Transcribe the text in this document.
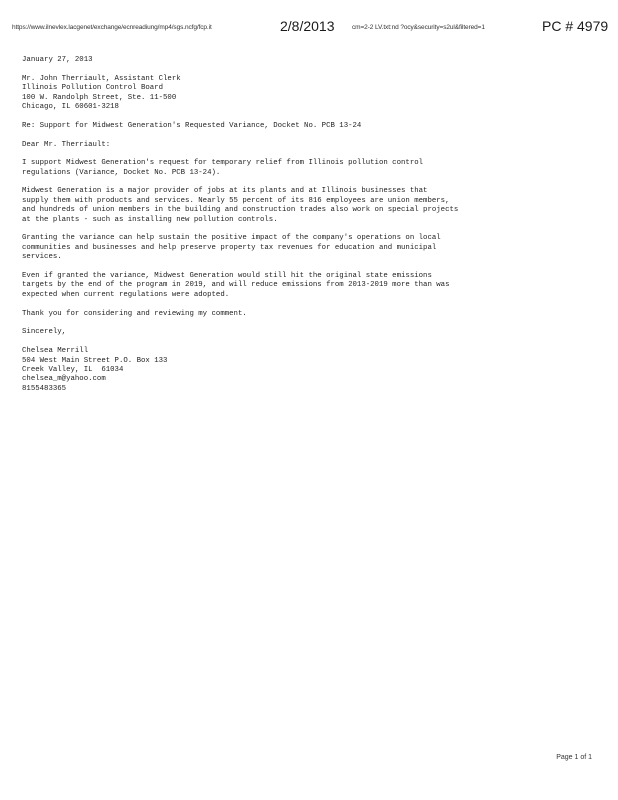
https://www.ilnevlex.lacgenet/exchange/ecnreadiung/mp4/sgs.ncfg/fcp.it	2/8/2013	cm=2-2 LV.txt:nd ?ocy&security=s2ul&filtered=1	PC # 4979
January 27, 2013
Mr. John Therriault, Assistant Clerk
Illinois Pollution Control Board
100 W. Randolph Street, Ste. 11-500
Chicago, IL 60601-3218
Re: Support for Midwest Generation's Requested Variance, Docket No. PCB 13-24
Dear Mr. Therriault:
I support Midwest Generation's request for temporary relief from Illinois pollution control
regulations (Variance, Docket No. PCB 13-24).
Midwest Generation is a major provider of jobs at its plants and at Illinois businesses that
supply them with products and services. Nearly 55 percent of its 816 employees are union members,
and hundreds of union members in the building and construction trades also work on special projects
at the plants - such as installing new pollution controls.
Granting the variance can help sustain the positive impact of the company's operations on local
communities and businesses and help preserve property tax revenues for education and municipal
services.
Even if granted the variance, Midwest Generation would still hit the original state emissions
targets by the end of the program in 2019, and will reduce emissions from 2013-2019 more than was
expected when current regulations were adopted.
Thank you for considering and reviewing my comment.
Sincerely,
Chelsea Merrill
504 West Main Street P.O. Box 133
Creek Valley, IL  61034
chelsea_m@yahoo.com
8155483365
Page 1 of 1
